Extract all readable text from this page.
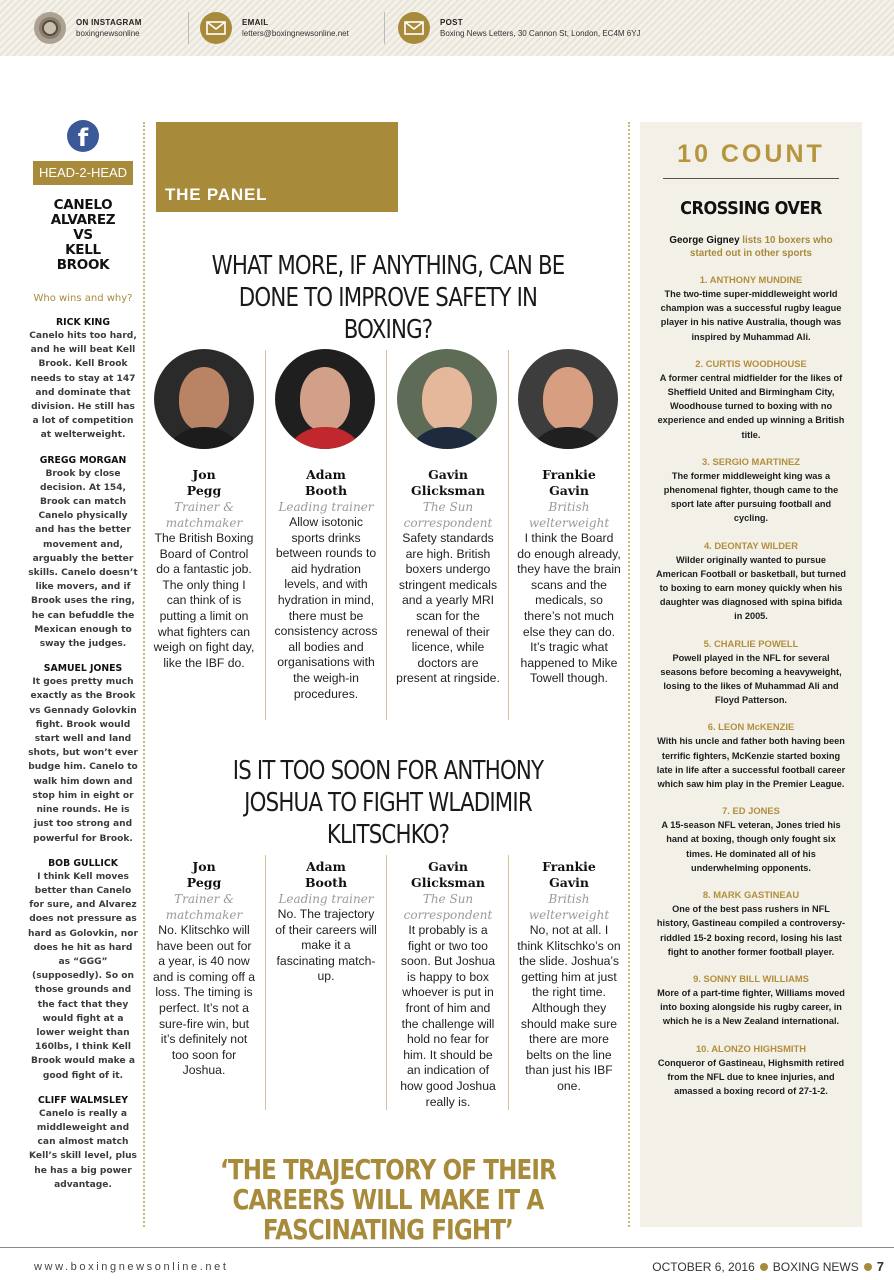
ON INSTAGRAM
boxingnewsonline
EMAIL
letters@boxingnewsonline.net
POST
Boxing News Letters, 30 Cannon St, London, EC4M 6YJ
f
HEAD-2-HEAD
CANELO
ALVAREZ
VS
KELL
BROOK
Who wins and why?
RICK KING
Canelo hits too hard, and he will beat Kell Brook. Kell Brook needs to stay at 147 and dominate that division. He still has a lot of competition at welterweight.
GREGG MORGAN
Brook by close decision. At 154, Brook can match Canelo physically and has the better movement and, arguably the better skills. Canelo doesn’t like movers, and if Brook uses the ring, he can befuddle the Mexican enough to sway the judges.
SAMUEL JONES
It goes pretty much exactly as the Brook vs Gennady Golovkin fight. Brook would start well and land shots, but won’t ever budge him. Canelo to walk him down and stop him in eight or nine rounds. He is just too strong and powerful for Brook.
BOB GULLICK
I think Kell moves better than Canelo for sure, and Alvarez does not pressure as hard as Golovkin, nor does he hit as hard as “GGG” (supposedly). So on those grounds and the fact that they would fight at a lower weight than 160lbs, I think Kell Brook would make a good fight of it.
CLIFF WALMSLEY
Canelo is really a middleweight and can almost match Kell’s skill level, plus he has a big power advantage.
THE PANEL
WHAT MORE, IF ANYTHING, CAN BE DONE TO IMPROVE SAFETY IN BOXING?
Jon
Pegg
Trainer & matchmaker
The British Boxing Board of Control do a fantastic job. The only thing I can think of is putting a limit on what fighters can weigh on fight day, like the IBF do.
Adam
Booth
Leading trainer
Allow isotonic sports drinks between rounds to aid hydration levels, and with hydration in mind, there must be consistency across all bodies and organisations with the weigh-in procedures.
Gavin
Glicksman
The Sun correspondent
Safety standards are high. British boxers undergo stringent medicals and a yearly MRI scan for the renewal of their licence, while doctors are present at ringside.
Frankie
Gavin
British welterweight
I think the Board do enough already, they have the brain scans and the medicals, so there’s not much else they can do. It’s tragic what happened to Mike Towell though.
IS IT TOO SOON FOR ANTHONY JOSHUA TO FIGHT WLADIMIR KLITSCHKO?
Jon
Pegg
Trainer & matchmaker
No. Klitschko will have been out for a year, is 40 now and is coming off a loss. The timing is perfect. It’s not a sure-fire win, but it’s definitely not too soon for Joshua.
Adam
Booth
Leading trainer
No. The trajectory of their careers will make it a fascinating match-up.
Gavin
Glicksman
The Sun correspondent
It probably is a fight or two too soon. But Joshua is happy to box whoever is put in front of him and the challenge will hold no fear for him. It should be an indication of how good Joshua really is.
Frankie
Gavin
British welterweight
No, not at all. I think Klitschko’s on the slide. Joshua’s getting him at just the right time. Although they should make sure there are more belts on the line than just his IBF one.
‘THE TRAJECTORY OF THEIR CAREERS WILL MAKE IT A FASCINATING FIGHT’
10 COUNT
CROSSING OVER
George Gigney lists 10 boxers who started out in other sports
1. ANTHONY MUNDINE
The two-time super-middleweight world champion was a successful rugby league player in his native Australia, though was inspired by Muhammad Ali.
2. CURTIS WOODHOUSE
A former central midfielder for the likes of Sheffield United and Birmingham City, Woodhouse turned to boxing with no experience and ended up winning a British title.
3. SERGIO MARTINEZ
The former middleweight king was a phenomenal fighter, though came to the sport late after pursuing football and cycling.
4. DEONTAY WILDER
Wilder originally wanted to pursue American Football or basketball, but turned to boxing to earn money quickly when his daughter was diagnosed with spina bifida in 2005.
5. CHARLIE POWELL
Powell played in the NFL for several seasons before becoming a heavyweight, losing to the likes of Muhammad Ali and Floyd Patterson.
6. LEON McKENZIE
With his uncle and father both having been terrific fighters, McKenzie started boxing late in life after a successful football career which saw him play in the Premier League.
7. ED JONES
A 15-season NFL veteran, Jones tried his hand at boxing, though only fought six times. He dominated all of his underwhelming opponents.
8. MARK GASTINEAU
One of the best pass rushers in NFL history, Gastineau compiled a controversy-riddled 15-2 boxing record, losing his last fight to another former football player.
9. SONNY BILL WILLIAMS
More of a part-time fighter, Williams moved into boxing alongside his rugby career, in which he is a New Zealand international.
10. ALONZO HIGHSMITH
Conqueror of Gastineau, Highsmith retired from the NFL due to knee injuries, and amassed a boxing record of 27-1-2.
www.boxingnewsonline.net	OCTOBER 6, 2016 BOXING NEWS 7
